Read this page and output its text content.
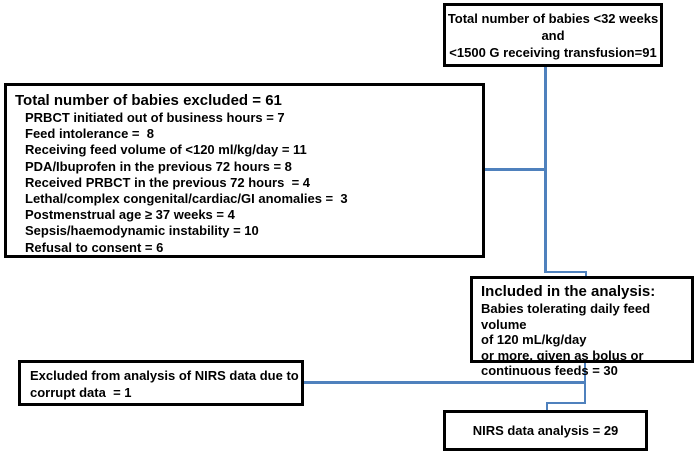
Total number of babies <32 weeks
and
<1500 G receiving transfusion=91
Total number of babies excluded = 61
PRBCT initiated out of business hours = 7
Feed intolerance =  8
Receiving feed volume of <120 ml/kg/day = 11
PDA/Ibuprofen in the previous 72 hours = 8
Received PRBCT in the previous 72 hours  = 4
Lethal/complex congenital/cardiac/GI anomalies =  3
Postmenstrual age ≥ 37 weeks = 4
Sepsis/haemodynamic instability = 10
Refusal to consent = 6
Included in the analysis:
Babies tolerating daily feed volume
of 120 mL/kg/day
or more, given as bolus or
continuous feeds = 30
Excluded from analysis of NIRS data due to
corrupt data  = 1
NIRS data analysis = 29
